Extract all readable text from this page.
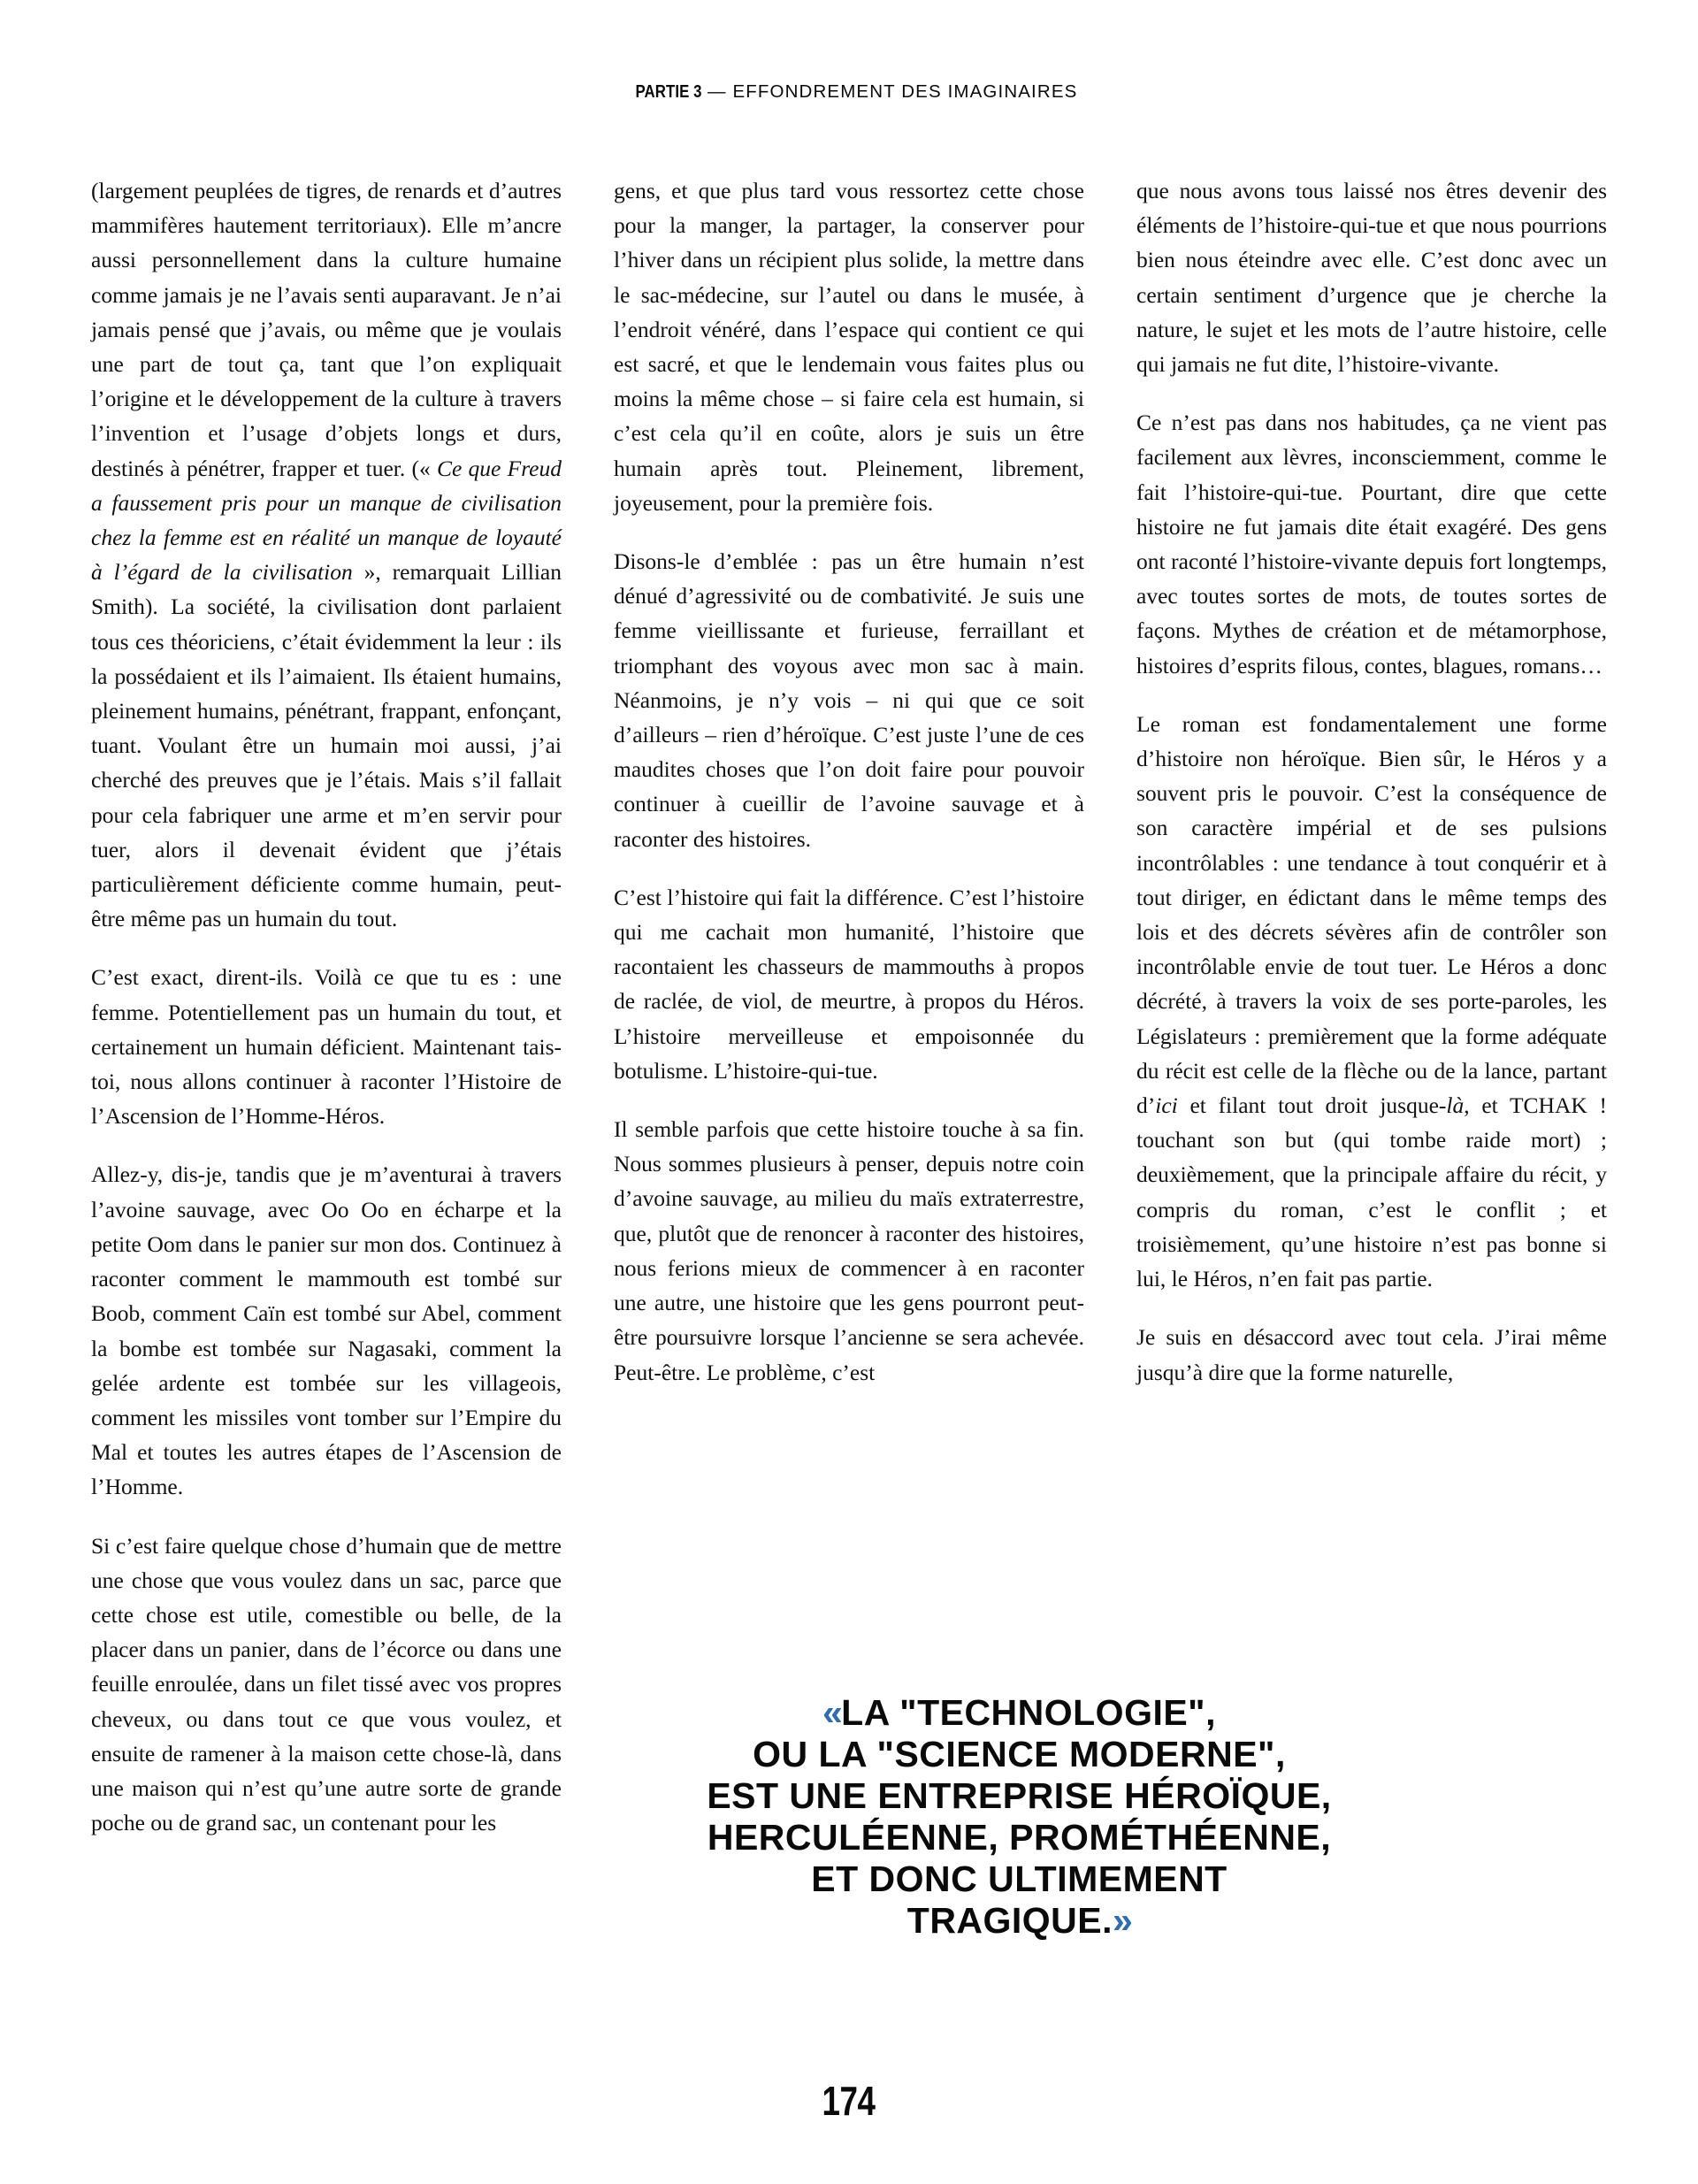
PARTIE 3 — EFFONDREMENT DES IMAGINAIRES

(largement peuplées de tigres, de renards et d’autres mammifères hautement territoriaux). Elle m’ancre aussi personnellement dans la culture humaine comme jamais je ne l’avais senti auparavant. Je n’ai jamais pensé que j’avais, ou même que je voulais une part de tout ça, tant que l’on expliquait l’origine et le développement de la culture à travers l’invention et l’usage d’objets longs et durs, destinés à pénétrer, frapper et tuer. (« Ce que Freud a faussement pris pour un manque de civilisation chez la femme est en réalité un manque de loyauté à l’égard de la civilisation », remarquait Lillian Smith). La société, la civilisation dont parlaient tous ces théoriciens, c’était évidemment la leur : ils la possédaient et ils l’aimaient. Ils étaient humains, pleinement humains, pénétrant, frappant, enfonçant, tuant. Voulant être un humain moi aussi, j’ai cherché des preuves que je l’étais. Mais s’il fallait pour cela fabriquer une arme et m’en servir pour tuer, alors il devenait évident que j’étais particulièrement déficiente comme humain, peut-être même pas un humain du tout.

C’est exact, dirent-ils. Voilà ce que tu es : une femme. Potentiellement pas un humain du tout, et certainement un humain déficient. Maintenant tais-toi, nous allons continuer à raconter l’Histoire de l’Ascension de l’Homme-Héros.

Allez-y, dis-je, tandis que je m’aventurai à travers l’avoine sauvage, avec Oo Oo en écharpe et la petite Oom dans le panier sur mon dos. Continuez à raconter comment le mammouth est tombé sur Boob, comment Caïn est tombé sur Abel, comment la bombe est tombée sur Nagasaki, comment la gelée ardente est tombée sur les villageois, comment les missiles vont tomber sur l’Empire du Mal et toutes les autres étapes de l’Ascension de l’Homme.

Si c’est faire quelque chose d’humain que de mettre une chose que vous voulez dans un sac, parce que cette chose est utile, comestible ou belle, de la placer dans un panier, dans de l’écorce ou dans une feuille enroulée, dans un filet tissé avec vos propres cheveux, ou dans tout ce que vous voulez, et ensuite de ramener à la maison cette chose-là, dans une maison qui n’est qu’une autre sorte de grande poche ou de grand sac, un contenant pour les

gens, et que plus tard vous ressortez cette chose pour la manger, la partager, la conserver pour l’hiver dans un récipient plus solide, la mettre dans le sac-médecine, sur l’autel ou dans le musée, à l’endroit vénéré, dans l’espace qui contient ce qui est sacré, et que le lendemain vous faites plus ou moins la même chose – si faire cela est humain, si c’est cela qu’il en coûte, alors je suis un être humain après tout. Pleinement, librement, joyeusement, pour la première fois.

Disons-le d’emblée : pas un être humain n’est dénué d’agressivité ou de combativité. Je suis une femme vieillissante et furieuse, ferraillant et triomphant des voyous avec mon sac à main. Néanmoins, je n’y vois – ni qui que ce soit d’ailleurs – rien d’héroïque. C’est juste l’une de ces maudites choses que l’on doit faire pour pouvoir continuer à cueillir de l’avoine sauvage et à raconter des histoires.

C’est l’histoire qui fait la différence. C’est l’histoire qui me cachait mon humanité, l’histoire que racontaient les chasseurs de mammouths à propos de raclée, de viol, de meurtre, à propos du Héros. L’histoire merveilleuse et empoisonnée du botulisme. L’histoire-qui-tue.

Il semble parfois que cette histoire touche à sa fin. Nous sommes plusieurs à penser, depuis notre coin d’avoine sauvage, au milieu du maïs extraterrestre, que, plutôt que de renoncer à raconter des histoires, nous ferions mieux de commencer à en raconter une autre, une histoire que les gens pourront peut-être poursuivre lorsque l’ancienne se sera achevée. Peut-être. Le problème, c’est

que nous avons tous laissé nos êtres devenir des éléments de l’histoire-qui-tue et que nous pourrions bien nous éteindre avec elle. C’est donc avec un certain sentiment d’urgence que je cherche la nature, le sujet et les mots de l’autre histoire, celle qui jamais ne fut dite, l’histoire-vivante.

Ce n’est pas dans nos habitudes, ça ne vient pas facilement aux lèvres, inconsciemment, comme le fait l’histoire-qui-tue. Pourtant, dire que cette histoire ne fut jamais dite était exagéré. Des gens ont raconté l’histoire-vivante depuis fort longtemps, avec toutes sortes de mots, de toutes sortes de façons. Mythes de création et de métamorphose, histoires d’esprits filous, contes, blagues, romans…

Le roman est fondamentalement une forme d’histoire non héroïque. Bien sûr, le Héros y a souvent pris le pouvoir. C’est la conséquence de son caractère impérial et de ses pulsions incontrôlables : une tendance à tout conquérir et à tout diriger, en édictant dans le même temps des lois et des décrets sévères afin de contrôler son incontrôlable envie de tout tuer. Le Héros a donc décrété, à travers la voix de ses porte-paroles, les Législateurs : premièrement que la forme adéquate du récit est celle de la flèche ou de la lance, partant d’ici et filant tout droit jusque-là, et TCHAK ! touchant son but (qui tombe raide mort) ; deuxièmement, que la principale affaire du récit, y compris du roman, c’est le conflit ; et troisièmement, qu’une histoire n’est pas bonne si lui, le Héros, n’en fait pas partie.

Je suis en désaccord avec tout cela. J’irai même jusqu’à dire que la forme naturelle,

«LA "TECHNOLOGIE",
OU LA "SCIENCE MODERNE",
EST UNE ENTREPRISE HÉROÏQUE,
HERCULÉENNE, PROMÉTHÉENNE,
ET DONC ULTIMEMENT
TRAGIQUE.»
174
